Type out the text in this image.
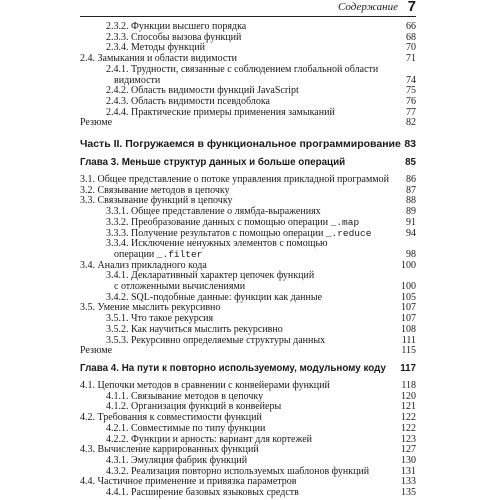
Содержание 7
2.3.2. Функции высшего порядка	66
2.3.3. Способы вызова функций	68
2.3.4. Методы функций	70
2.4. Замыкания и области видимости	71
2.4.1. Трудности, связанные с соблюдением глобальной области
видимости	74
2.4.2. Область видимости функций JavaScript	75
2.4.3. Область видимости псевдоблока	76
2.4.4. Практические примеры применения замыканий	77
Резюме	82
Часть II. Погружаемся в функциональное программирование 83
Глава 3. Меньше структур данных и больше операций	85
3.1. Общее представление о потоке управления прикладной программой 86
3.2. Связывание методов в цепочку	87
3.3. Связывание функций в цепочку	88
3.3.1. Общее представление о лямбда-выражениях	89
3.3.2. Преобразование данных с помощью операции _.map	91
3.3.3. Получение результатов с помощью операции _.reduce	94
3.3.4. Исключение ненужных элементов с помощью
операции _.filter	98
3.4. Анализ прикладного кода	100
3.4.1. Декларативный характер цепочек функций
с отложенными вычислениями	100
3.4.2. SQL-подобные данные: функции как данные	105
3.5. Умение мыслить рекурсивно	107
3.5.1. Что такое рекурсия	107
3.5.2. Как научиться мыслить рекурсивно	108
3.5.3. Рекурсивно определяемые структуры данных	111
Резюме	115
Глава 4. На пути к повторно используемому, модульному коду 117
4.1. Цепочки методов в сравнении с конвейерами функций	118
4.1.1. Связывание методов в цепочку	120
4.1.2. Организация функций в конвейеры	121
4.2. Требования к совместимости функций	122
4.2.1. Совместимые по типу функции	122
4.2.2. Функции и арность: вариант для кортежей	123
4.3. Вычисление каррированных функций	127
4.3.1. Эмуляция фабрик функций	130
4.3.2. Реализация повторно используемых шаблонов функций	131
4.4. Частичное применение и привязка параметров	133
4.4.1. Расширение базовых языковых средств	135
